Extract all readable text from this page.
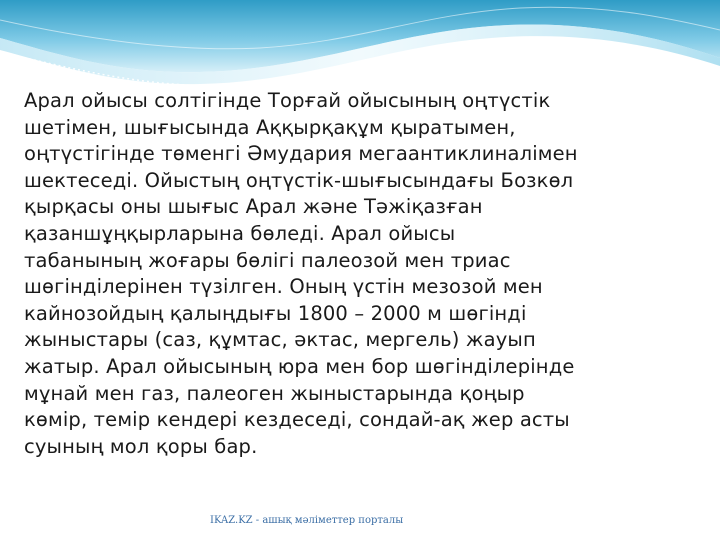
Арал ойысы солтігінде Торғай ойысының оңтүстік
шетімен, шығысында Аққырқақұм қыратымен,
оңтүстігінде төменгі Әмудария мегаантиклиналімен
шектеседі. Ойыстың оңтүстік-шығысындағы Бозкөл
қырқасы оны шығыс Арал және Тәжіқазған
қазаншұңқырларына бөледі. Арал ойысы
табанының жоғары бөлігі палеозой мен триас
шөгінділерінен түзілген. Оның үстін мезозой мен
кайнозойдың қалыңдығы 1800 – 2000 м шөгінді
жыныстары (саз, құмтас, әктас, мергель) жауып
жатыр. Арал ойысының юра мен бор шөгінділерінде
мұнай мен газ, палеоген жыныстарында қоңыр
көмір, темір кендері кездеседі, сондай-ақ жер асты
суының мол қоры бар.
IKAZ.KZ - ашық мәліметтер порталы
